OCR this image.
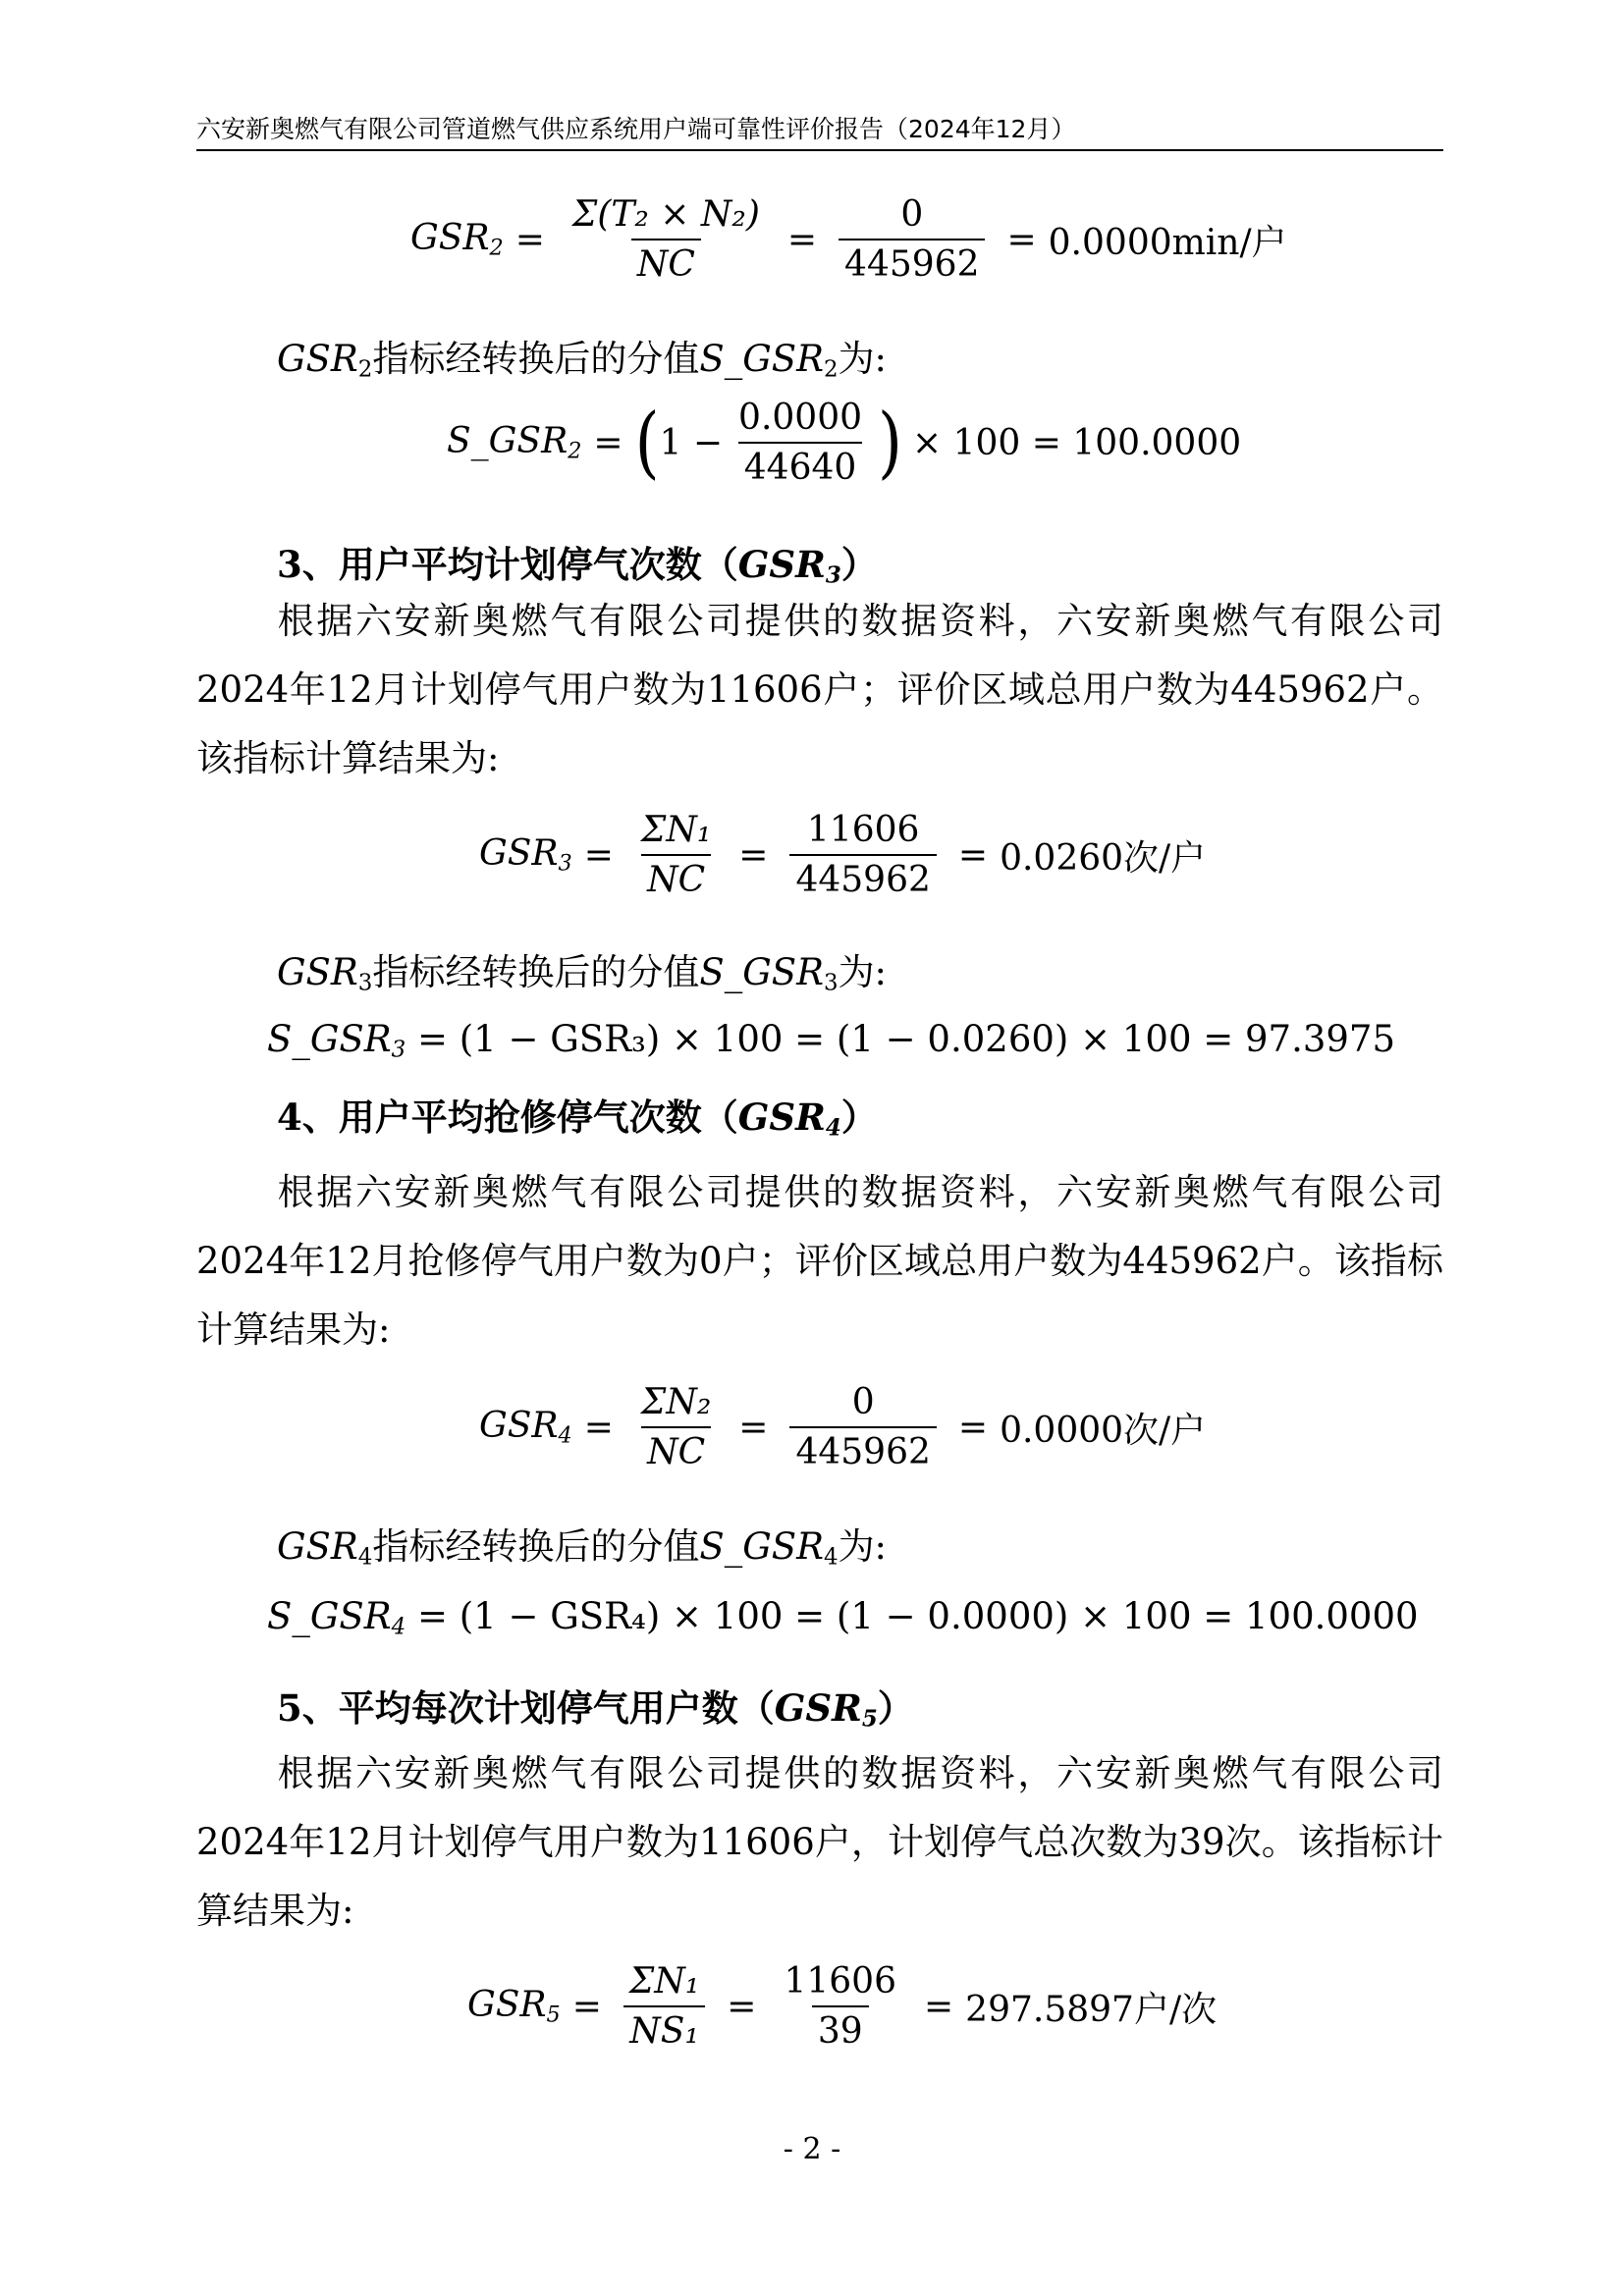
六安新奥燃气有限公司管道燃气供应系统用户端可靠性评价报告（2024年12月）
$GSR_2 = \frac{\text{Σ(T₂ × N₂)}}{NC} = \frac{0}{445962} = 0.0000\min/$户
$GSR_2$指标经转换后的分值$S\_GSR_2$为:
$S\_GSR_2$ = ( $1 - \frac{0.0000}{44640}$ ) × 100 = 100.0000
3、用户平均计划停气次数$(GSR_3)$
根据六安新奥燃气有限公司提供的数据资料，六安新奥燃气有限公司2024年12月计划停气用户数为11606户；评价区域总用户数为445962户。该指标计算结果为:
$GSR_3 = \frac{\text{ΣN₁}}{NC} = \frac{11606}{445962} = 0.0260$次/户
$GSR_3$指标经转换后的分值$S\_GSR_3$为:
$S\_GSR_3 = (1 - GSR_3) \times 100 = (1 - 0.0260) \times 100 = 97.3975$
4、用户平均抢修停气次数$(GSR_4)$
根据六安新奥燃气有限公司提供的数据资料，六安新奥燃气有限公司2024年12月抢修停气用户数为0户；评价区域总用户数为445962户。该指标计算结果为:
$GSR_4 = \frac{\text{ΣN₂}}{NC} = \frac{0}{445962} = 0.0000$次/户
$GSR_4$指标经转换后的分值$S\_GSR_4$为:
$S\_GSR_4 = (1 - GSR_4) \times 100 = (1 - 0.0000) \times 100 = 100.0000$
5、平均每次计划停气用户数$(GSR_5)$
根据六安新奥燃气有限公司提供的数据资料，六安新奥燃气有限公司2024年12月计划停气用户数为11606户，计划停气总次数为39次。该指标计算结果为:
$GSR_5 = \frac{\text{ΣN₁}}{\text{NS₁}} = \frac{11606}{39} = 297.5897$户/次
- 2 -
